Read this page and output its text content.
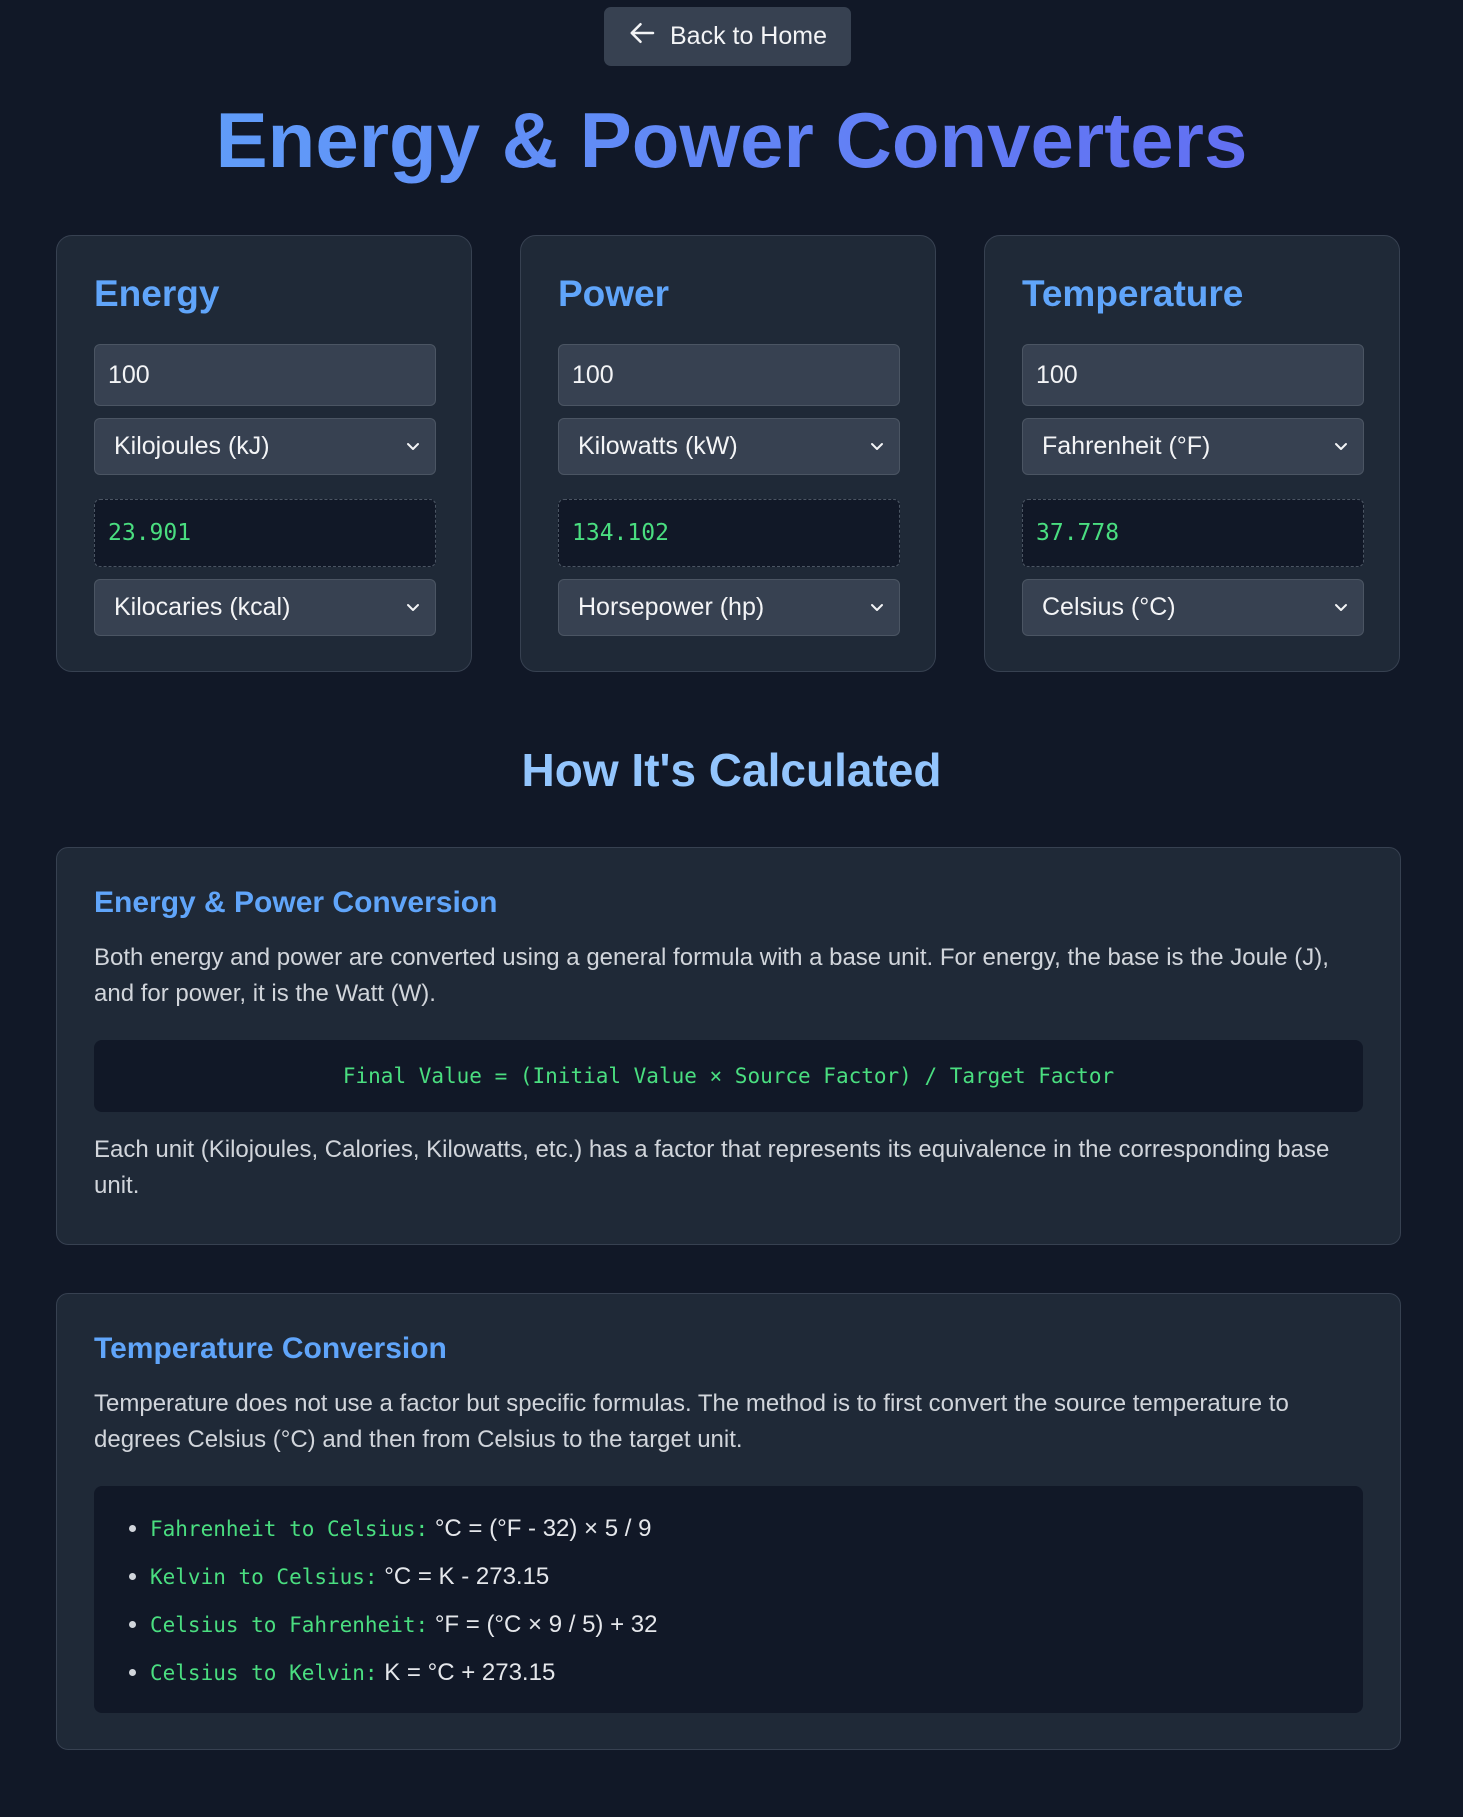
Back to Home
Energy & Power Converters
Energy
100
Kilojoules (kJ)
23.901
Kilocaries (kcal)
Power
100
Kilowatts (kW)
134.102
Horsepower (hp)
Temperature
100
Fahrenheit (°F)
37.778
Celsius (°C)
How It's Calculated
Energy & Power Conversion

Both energy and power are converted using a general formula with a base unit. For energy, the base is the Joule (J), and for power, it is the Watt (W).

Final Value = (Initial Value × Source Factor) / Target Factor

Each unit (Kilojoules, Calories, Kilowatts, etc.) has a factor that represents its equivalence in the corresponding base unit.

Temperature Conversion

Temperature does not use a factor but specific formulas. The method is to first convert the source temperature to degrees Celsius (°C) and then from Celsius to the target unit.

• Fahrenheit to Celsius: °C = (°F - 32) × 5 / 9
• Kelvin to Celsius: °C = K - 273.15
• Celsius to Fahrenheit: °F = (°C × 9 / 5) + 32
• Celsius to Kelvin: K = °C + 273.15
